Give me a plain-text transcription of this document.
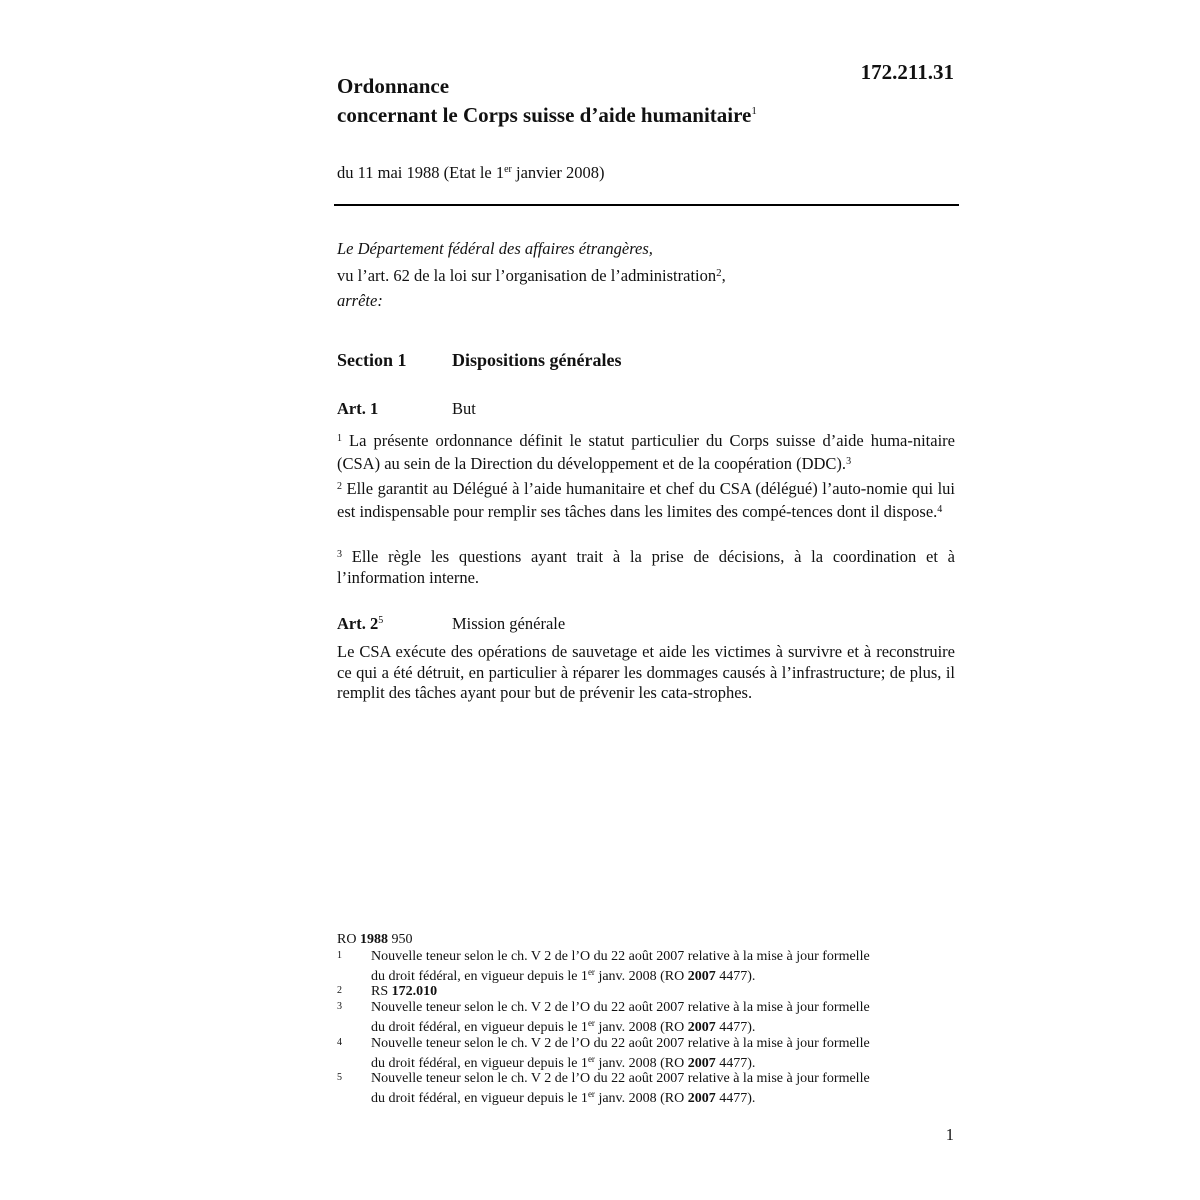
172.211.31
Ordonnance
concernant le Corps suisse d’aide humanitaire$^1$
du 11 mai 1988 (Etat le 1er janvier 2008)
Le Département fédéral des affaires étrangères,
vu l’art. 62 de la loi sur l’organisation de l’administration$^2$,
arrête:
Section 1	Dispositions générales
Art. 1	But
$^1$ La présente ordonnance définit le statut particulier du Corps suisse d’aide huma-nitaire (CSA) au sein de la Direction du développement et de la coopération (DDC).$^3$
$^2$ Elle garantit au Délégué à l’aide humanitaire et chef du CSA (délégué) l’auto-nomie qui lui est indispensable pour remplir ses tâches dans les limites des compé-tences dont il dispose.$^4$
$^3$ Elle règle les questions ayant trait à la prise de décisions, à la coordination et à l’information interne.
Art. $2^5$	Mission générale
Le CSA exécute des opérations de sauvetage et aide les victimes à survivre et à reconstruire ce qui a été détruit, en particulier à réparer les dommages causés à l’infrastructure; de plus, il remplit des tâches ayant pour but de prévenir les cata-strophes.
RO 1988 950
1	Nouvelle teneur selon le ch. V 2 de l’O du 22 août 2007 relative à la mise à jour formelle
du droit fédéral, en vigueur depuis le 1er janv. 2008 (RO 2007 4477).
2	RS 172.010
3	Nouvelle teneur selon le ch. V 2 de l’O du 22 août 2007 relative à la mise à jour formelle
du droit fédéral, en vigueur depuis le 1er janv. 2008 (RO 2007 4477).
4	Nouvelle teneur selon le ch. V 2 de l’O du 22 août 2007 relative à la mise à jour formelle
du droit fédéral, en vigueur depuis le 1er janv. 2008 (RO 2007 4477).
5	Nouvelle teneur selon le ch. V 2 de l’O du 22 août 2007 relative à la mise à jour formelle
du droit fédéral, en vigueur depuis le 1er janv. 2008 (RO 2007 4477).
1
